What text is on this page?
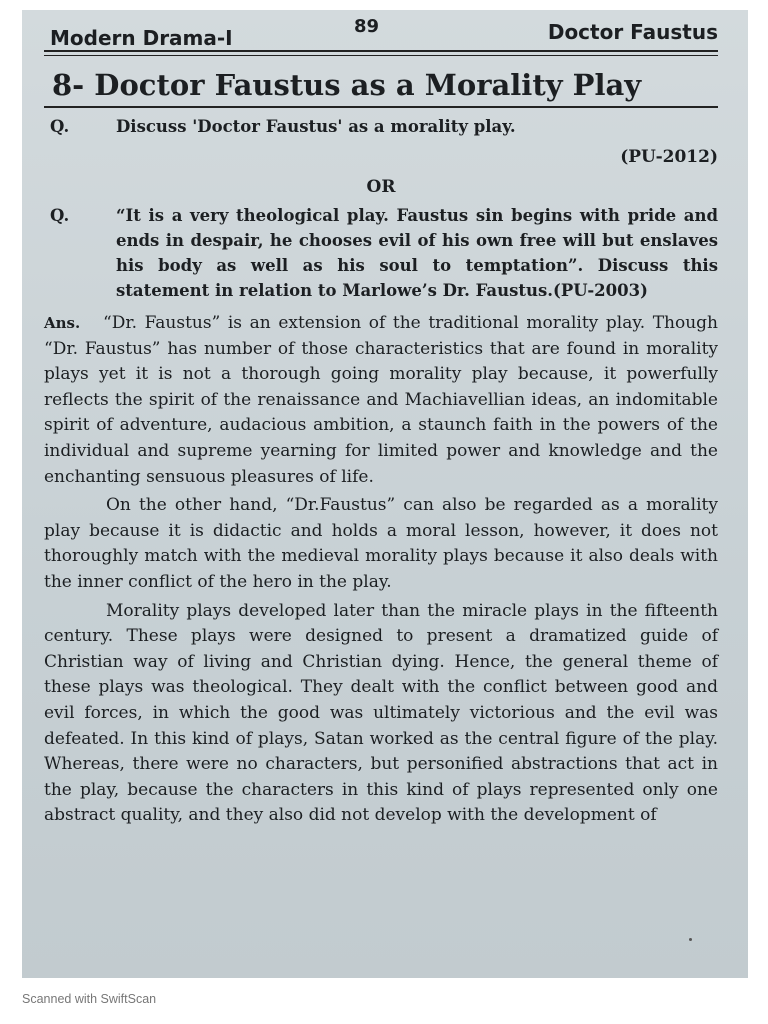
Modern Drama-I	89	Doctor Faustus
8- Doctor Faustus as a Morality Play
Q.	Discuss 'Doctor Faustus' as a morality play.
(PU-2012)
OR
Q.	“It is a very theological play. Faustus sin begins with pride and ends in despair, he chooses evil of his own free will but enslaves his body as well as his soul to temptation”. Discuss this statement in relation to Marlowe’s Dr. Faustus.(PU-2003)

Ans. “Dr. Faustus” is an extension of the traditional morality play. Though “Dr. Faustus” has number of those characteristics that are found in morality plays yet it is not a thorough going morality play because, it powerfully reflects the spirit of the renaissance and Machiavellian ideas, an indomitable spirit of adventure, audacious ambition, a staunch faith in the powers of the individual and supreme yearning for limited power and knowledge and the enchanting sensuous pleasures of life.

On the other hand, “Dr.Faustus” can also be regarded as a morality play because it is didactic and holds a moral lesson, however, it does not thoroughly match with the medieval morality plays because it also deals with the inner conflict of the hero in the play.

Morality plays developed later than the miracle plays in the fifteenth century. These plays were designed to present a dramatized guide of Christian way of living and Christian dying. Hence, the general theme of these plays was theological. They dealt with the conflict between good and evil forces, in which the good was ultimately victorious and the evil was defeated. In this kind of plays, Satan worked as the central figure of the play. Whereas, there were no characters, but personified abstractions that act in the play, because the characters in this kind of plays represented only one abstract quality, and they also did not develop with the development of

Scanned with SwiftScan
